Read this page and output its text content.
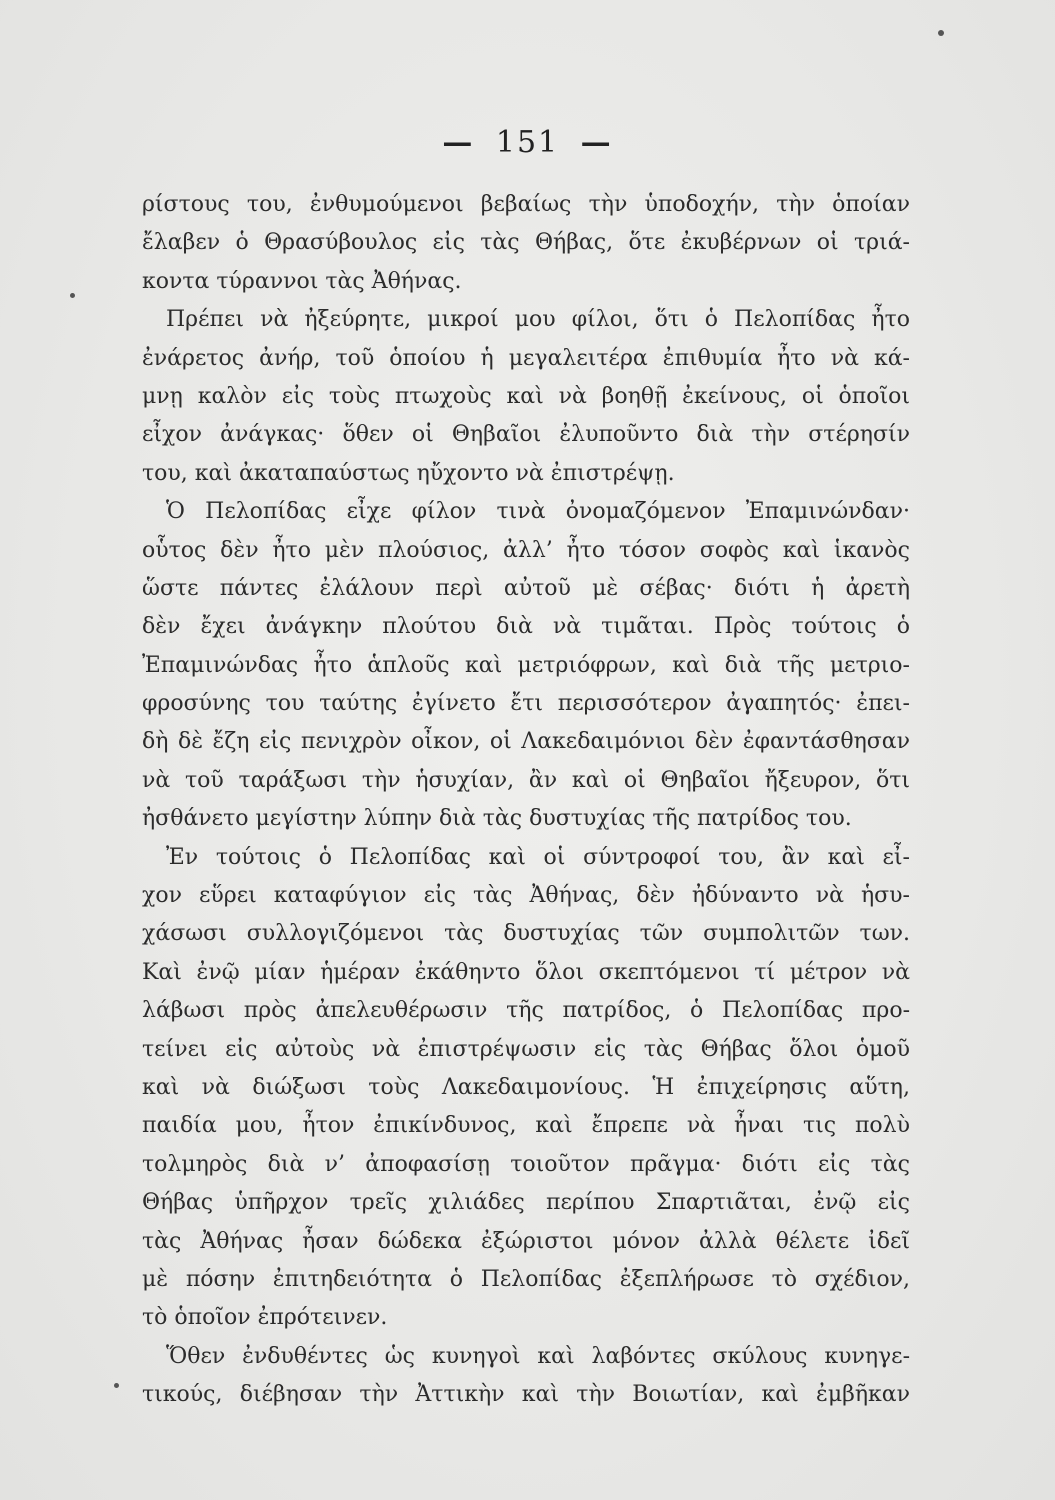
— 151 —
ρίστους του, ἐνθυμούμενοι βεβαίως τὴν ὑποδοχήν, τὴν ὁποίαν
ἔλαβεν ὁ Θρασύβουλος εἰς τὰς Θήβας, ὅτε ἐκυβέρνων οἱ τριά-
κοντα τύραννοι τὰς Ἀθήνας.
Πρέπει νὰ ἠξεύρητε, μικροί μου φίλοι, ὅτι ὁ Πελοπίδας ἦτο
ἐνάρετος ἀνήρ, τοῦ ὁποίου ἡ μεγαλειτέρα ἐπιθυμία ἦτο νὰ κά-
μνῃ καλὸν εἰς τοὺς πτωχοὺς καὶ νὰ βοηθῇ ἐκείνους, οἱ ὁποῖοι
εἶχον ἀνάγκας· ὅθεν οἱ Θηβαῖοι ἐλυποῦντο διὰ τὴν στέρησίν
του, καὶ ἀκαταπαύστως ηὔχοντο νὰ ἐπιστρέψῃ.
Ὁ Πελοπίδας εἶχε φίλον τινὰ ὀνομαζόμενον Ἐπαμινώνδαν·
οὗτος δὲν ἦτο μὲν πλούσιος, ἀλλ’ ἦτο τόσον σοφὸς καὶ ἱκανὸς
ὥστε πάντες ἐλάλουν περὶ αὐτοῦ μὲ σέβας· διότι ἡ ἀρετὴ
δὲν ἔχει ἀνάγκην πλούτου διὰ νὰ τιμᾶται. Πρὸς τούτοις ὁ
Ἐπαμινώνδας ἦτο ἁπλοῦς καὶ μετριόφρων, καὶ διὰ τῆς μετριο-
φροσύνης του ταύτης ἐγίνετο ἔτι περισσότερον ἀγαπητός· ἐπει-
δὴ δὲ ἔζη εἰς πενιχρὸν οἶκον, οἱ Λακεδαιμόνιοι δὲν ἐφαντάσθησαν
νὰ τοῦ ταράξωσι τὴν ἡσυχίαν, ἂν καὶ οἱ Θηβαῖοι ἤξευρον, ὅτι
ἠσθάνετο μεγίστην λύπην διὰ τὰς δυστυχίας τῆς πατρίδος του.
Ἐν τούτοις ὁ Πελοπίδας καὶ οἱ σύντροφοί του, ἂν καὶ εἶ-
χον εὕρει καταφύγιον εἰς τὰς Ἀθήνας, δὲν ἠδύναντο νὰ ἡσυ-
χάσωσι συλλογιζόμενοι τὰς δυστυχίας τῶν συμπολιτῶν των.
Καὶ ἐνῷ μίαν ἡμέραν ἐκάθηντο ὅλοι σκεπτόμενοι τί μέτρον νὰ
λάβωσι πρὸς ἀπελευθέρωσιν τῆς πατρίδος, ὁ Πελοπίδας προ-
τείνει εἰς αὐτοὺς νὰ ἐπιστρέψωσιν εἰς τὰς Θήβας ὅλοι ὁμοῦ
καὶ νὰ διώξωσι τοὺς Λακεδαιμονίους. Ἡ ἐπιχείρησις αὕτη,
παιδία μου, ἦτον ἐπικίνδυνος, καὶ ἔπρεπε νὰ ἦναι τις πολὺ
τολμηρὸς διὰ ν’ ἀποφασίσῃ τοιοῦτον πρᾶγμα· διότι εἰς τὰς
Θήβας ὑπῆρχον τρεῖς χιλιάδες περίπου Σπαρτιᾶται, ἐνῷ εἰς
τὰς Ἀθήνας ἦσαν δώδεκα ἐξώριστοι μόνον ἀλλὰ θέλετε ἰδεῖ
μὲ πόσην ἐπιτηδειότητα ὁ Πελοπίδας ἐξεπλήρωσε τὸ σχέδιον,
τὸ ὁποῖον ἐπρότεινεν.
Ὅθεν ἐνδυθέντες ὡς κυνηγοὶ καὶ λαβόντες σκύλους κυνηγε-
τικούς, διέβησαν τὴν Ἀττικὴν καὶ τὴν Βοιωτίαν, καὶ ἐμβῆκαν
